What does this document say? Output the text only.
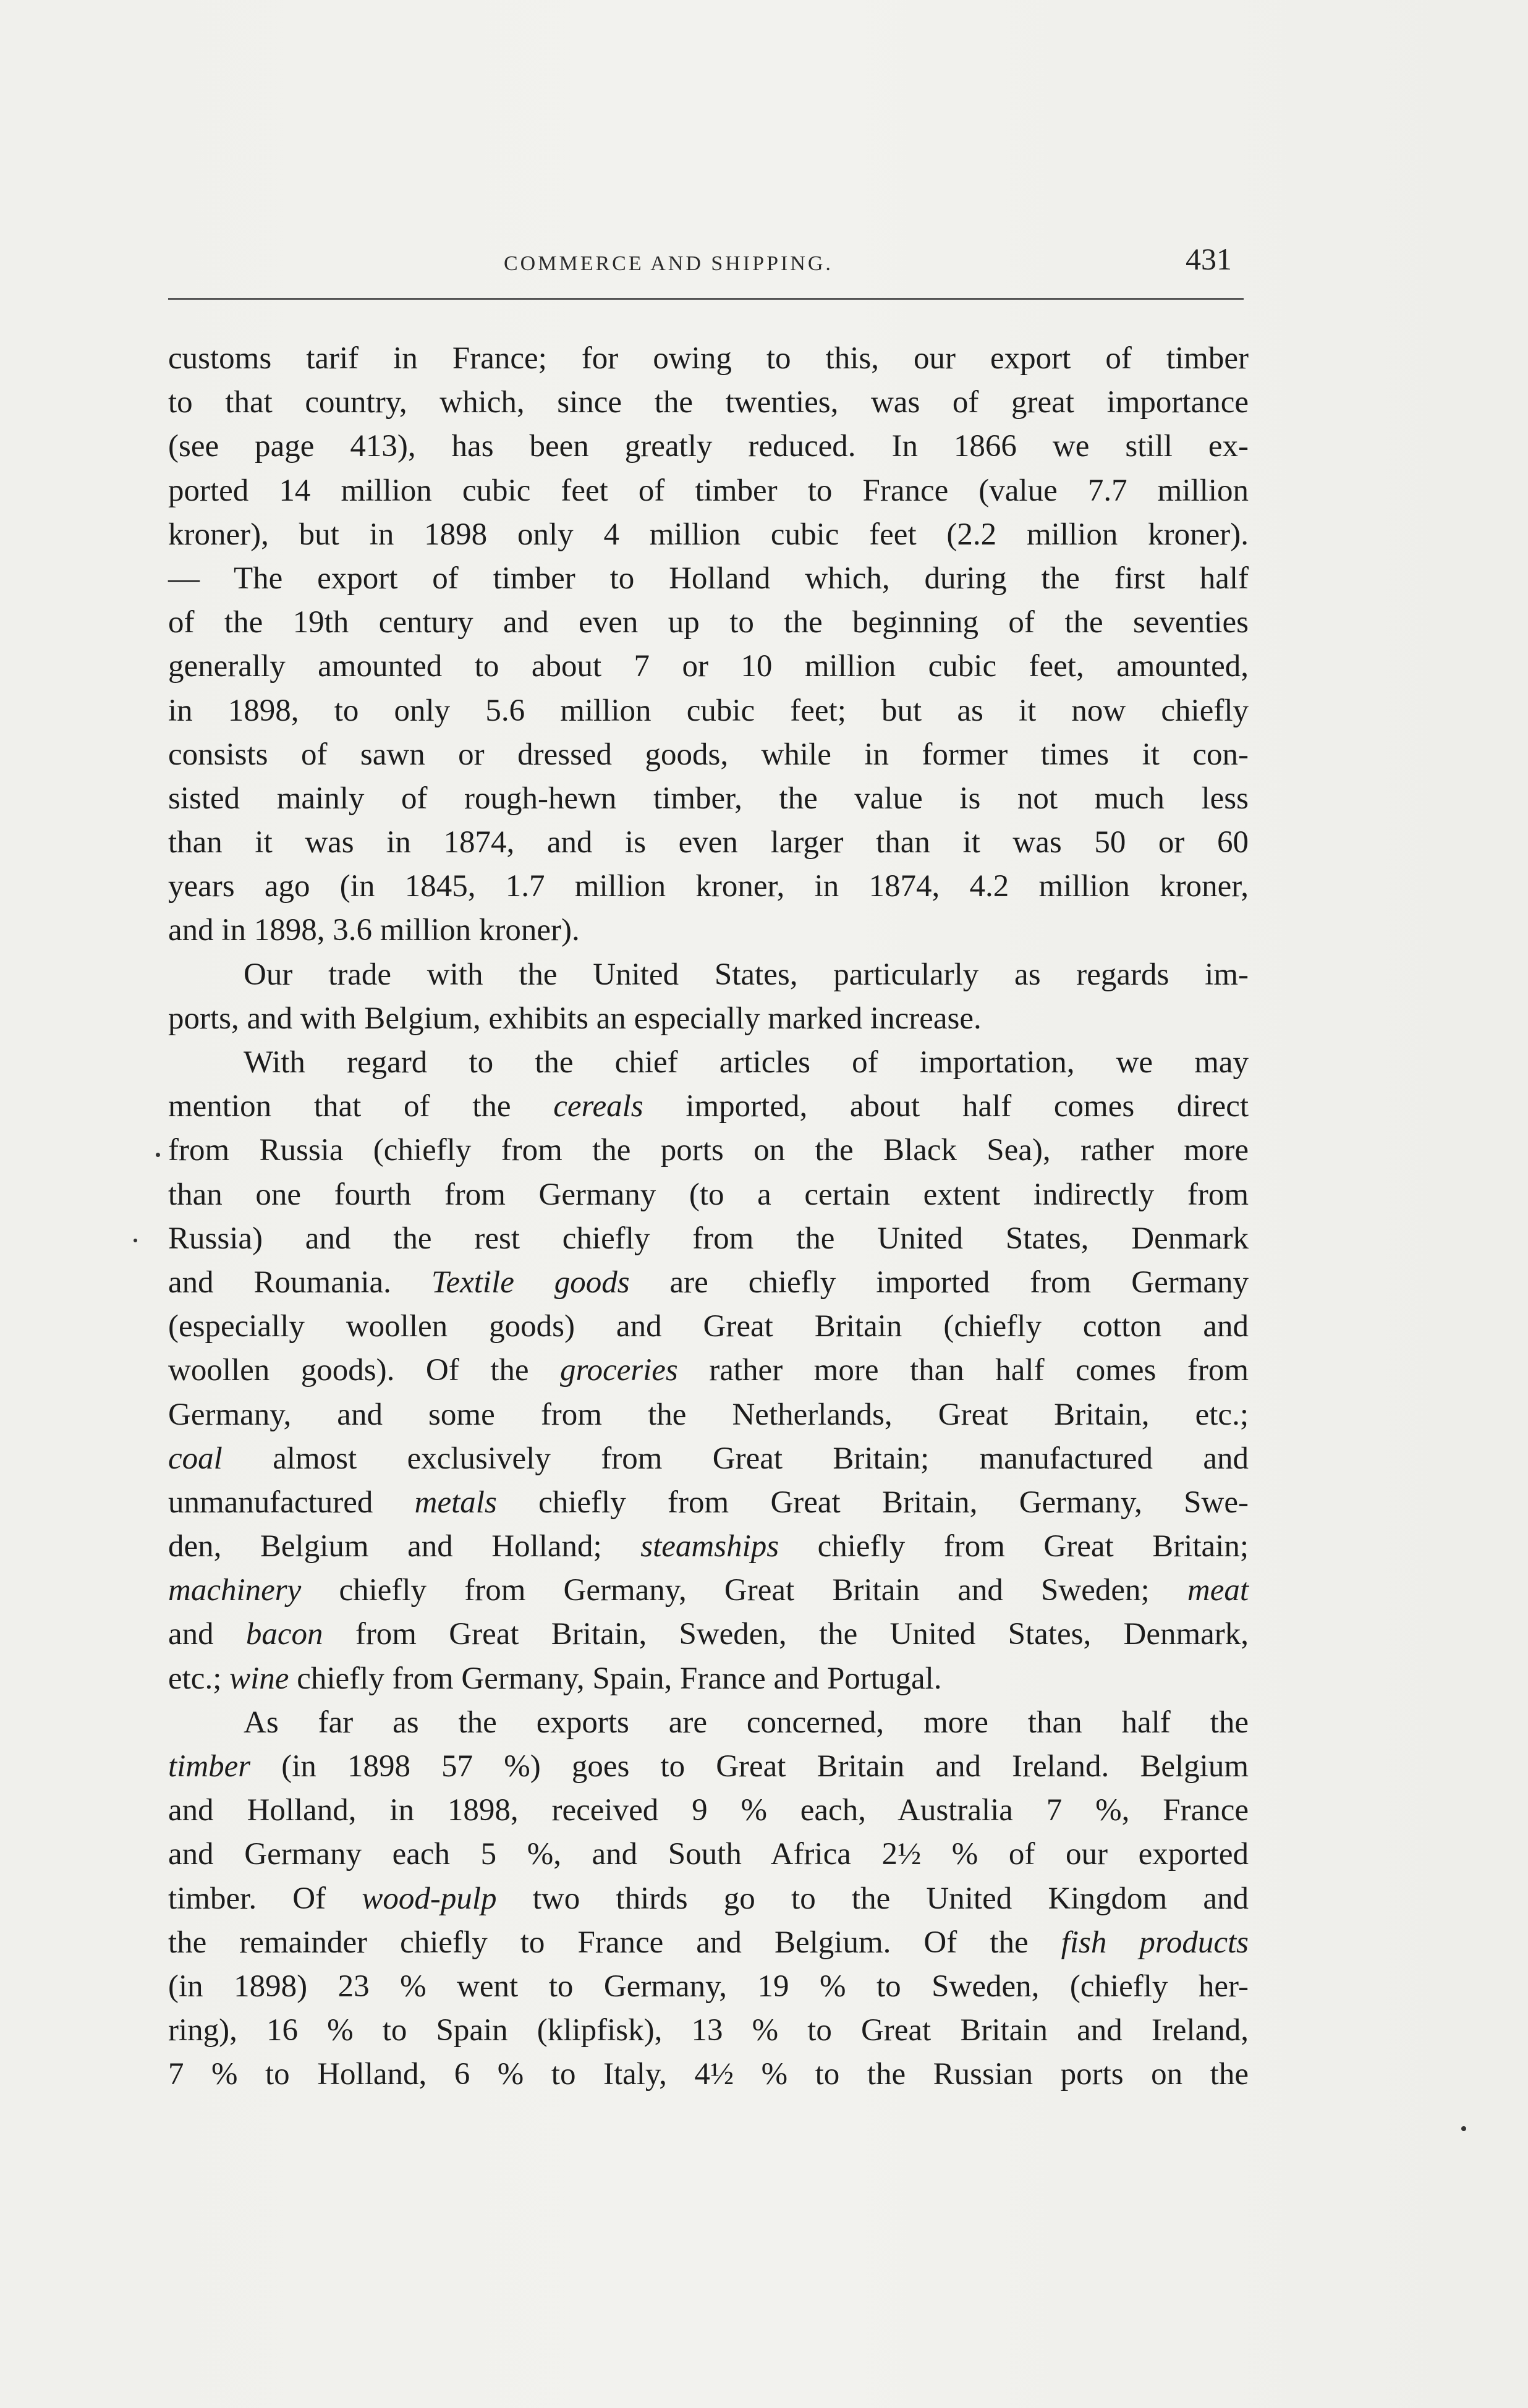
COMMERCE AND SHIPPING.	431
customs tarif in France; for owing to this, our export of timber
to that country, which, since the twenties, was of great importance
(see page 413), has been greatly reduced. In 1866 we still ex-
ported 14 million cubic feet of timber to France (value 7.7 million
kroner), but in 1898 only 4 million cubic feet (2.2 million kroner).
— The export of timber to Holland which, during the first half
of the 19th century and even up to the beginning of the seventies
generally amounted to about 7 or 10 million cubic feet, amounted,
in 1898, to only 5.6 million cubic feet; but as it now chiefly
consists of sawn or dressed goods, while in former times it con-
sisted mainly of rough-hewn timber, the value is not much less
than it was in 1874, and is even larger than it was 50 or 60
years ago (in 1845, 1.7 million kroner, in 1874, 4.2 million kroner,
and in 1898, 3.6 million kroner).
Our trade with the United States, particularly as regards im-
ports, and with Belgium, exhibits an especially marked increase.
With regard to the chief articles of importation, we may
mention that of the cereals imported, about half comes direct
from Russia (chiefly from the ports on the Black Sea), rather more
than one fourth from Germany (to a certain extent indirectly from
Russia) and the rest chiefly from the United States, Denmark
and Roumania. Textile goods are chiefly imported from Germany
(especially woollen goods) and Great Britain (chiefly cotton and
woollen goods). Of the groceries rather more than half comes from
Germany, and some from the Netherlands, Great Britain, etc.;
coal almost exclusively from Great Britain; manufactured and
unmanufactured metals chiefly from Great Britain, Germany, Swe-
den, Belgium and Holland; steamships chiefly from Great Britain;
machinery chiefly from Germany, Great Britain and Sweden; meat
and bacon from Great Britain, Sweden, the United States, Denmark,
etc.; wine chiefly from Germany, Spain, France and Portugal.
As far as the exports are concerned, more than half the
timber (in 1898 57 %) goes to Great Britain and Ireland. Belgium
and Holland, in 1898, received 9 % each, Australia 7 %, France
and Germany each 5 %, and South Africa 2½ % of our exported
timber. Of wood-pulp two thirds go to the United Kingdom and
the remainder chiefly to France and Belgium. Of the fish products
(in 1898) 23 % went to Germany, 19 % to Sweden, (chiefly her-
ring), 16 % to Spain (klipfisk), 13 % to Great Britain and Ireland,
7 % to Holland, 6 % to Italy, 4½ % to the Russian ports on the
